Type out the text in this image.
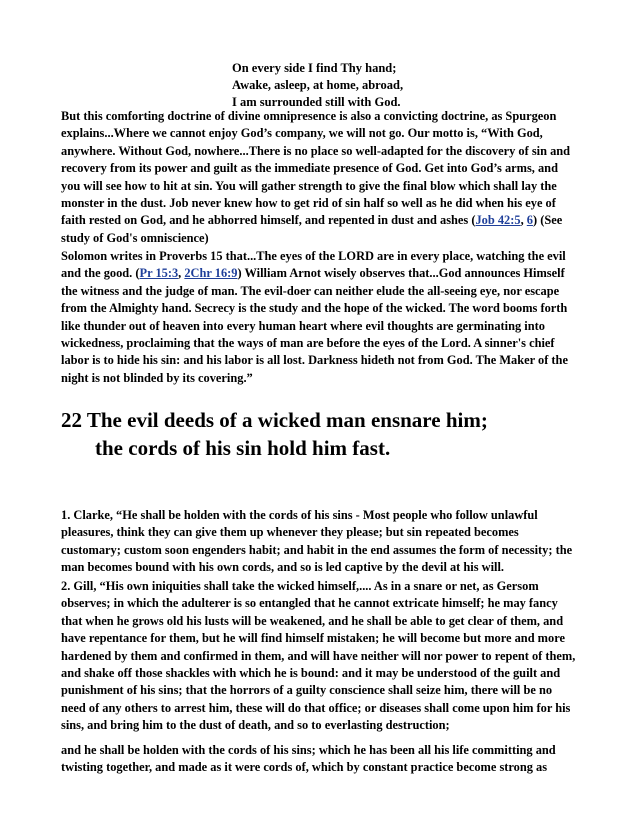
On every side I find Thy hand;
Awake, asleep, at home, abroad,
I am surrounded still with God.
But this comforting doctrine of divine omnipresence is also a convicting doctrine, as Spurgeon
explains...Where we cannot enjoy God’s company, we will not go. Our motto is, “With God,
anywhere. Without God, nowhere...There is no place so well-adapted for the discovery of sin and
recovery from its power and guilt as the immediate presence of God. Get into God’s arms, and
you will see how to hit at sin. You will gather strength to give the final blow which shall lay the
monster in the dust. Job never knew how to get rid of sin half so well as he did when his eye of
faith rested on God, and he abhorred himself, and repented in dust and ashes (Job 42:5, 6) (See
study of God's omniscience)
Solomon writes in Proverbs 15 that...The eyes of the LORD are in every place, watching the evil
and the good. (Pr 15:3, 2Chr 16:9) William Arnot wisely observes that...God announces Himself
the witness and the judge of man. The evil-doer can neither elude the all-seeing eye, nor escape
from the Almighty hand. Secrecy is the study and the hope of the wicked. The word booms forth
like thunder out of heaven into every human heart where evil thoughts are germinating into
wickedness, proclaiming that the ways of man are before the eyes of the Lord. A sinner's chief
labor is to hide his sin: and his labor is all lost. Darkness hideth not from God. The Maker of the
night is not blinded by its covering.”
22 The evil deeds of a wicked man ensnare him;
the cords of his sin hold him fast.
1. Clarke, “He shall be holden with the cords of his sins - Most people who follow unlawful
pleasures, think they can give them up whenever they please; but sin repeated becomes
customary; custom soon engenders habit; and habit in the end assumes the form of necessity; the
man becomes bound with his own cords, and so is led captive by the devil at his will.
2. Gill, “His own iniquities shall take the wicked himself,.... As in a snare or net, as Gersom
observes; in which the adulterer is so entangled that he cannot extricate himself; he may fancy
that when he grows old his lusts will be weakened, and he shall be able to get clear of them, and
have repentance for them, but he will find himself mistaken; he will become but more and more
hardened by them and confirmed in them, and will have neither will nor power to repent of them,
and shake off those shackles with which he is bound: and it may be understood of the guilt and
punishment of his sins; that the horrors of a guilty conscience shall seize him, there will be no
need of any others to arrest him, these will do that office; or diseases shall come upon him for his
sins, and bring him to the dust of death, and so to everlasting destruction;
and he shall be holden with the cords of his sins; which he has been all his life committing and
twisting together, and made as it were cords of, which by constant practice become strong as
